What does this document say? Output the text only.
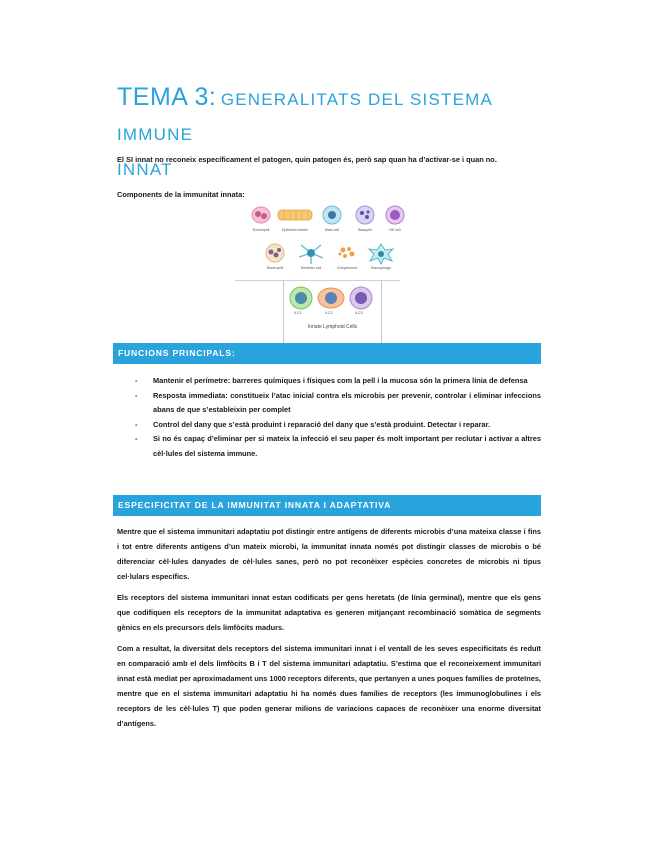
TEMA 3: GENERALITATS DEL SISTEMA IMMUNE
INNAT
El SI innat no reconeix específicament el patogen, quin patogen és, però sap quan ha d’activar-se i quan no.
Components de la immunitat innata:
Eosinophil	Epithelial barrier	Mast cell	Basophil	NK cell
Neutrophil	Dendritic cell	Complement	Macrophage
ILC1	ILC2	ILC3
Innate Lymphoid Cells
FUNCIONS PRINCIPALS:
- Mantenir el perímetre: barreres químiques i físiques com la pell i la mucosa són la primera línia de defensa
- Resposta immediata: constitueix l’atac inicial contra els microbis per prevenir, controlar i eliminar infeccions abans de que s’estableixin per complet
- Control del dany que s’està produint i reparació del dany que s’està produint. Detectar i reparar.
- Si no és capaç d’eliminar per si mateix la infecció el seu paper és molt important per reclutar i activar a altres cèl·lules del sistema immune.
ESPECIFICITAT DE LA IMMUNITAT INNATA I ADAPTATIVA
Mentre que el sistema immunitari adaptatiu pot distingir entre antígens de diferents microbis d’una mateixa classe i fins i tot entre diferents antígens d’un mateix microbi, la immunitat innata només pot distingir classes de microbis o bé diferenciar cèl·lules danyades de cèl·lules sanes, però no pot reconèixer espècies concretes de microbis ni tipus cel·lulars específics.
Els receptors del sistema immunitari innat estan codificats per gens heretats (de línia germinal), mentre que els gens que codifiquen els receptors de la immunitat adaptativa es generen mitjançant recombinació somàtica de segments gènics en els precursors dels limfòcits madurs.
Com a resultat, la diversitat dels receptors del sistema immunitari innat i el ventall de les seves especificitats és reduït en comparació amb el dels limfòcits B i T del sistema immunitari adaptatiu. S’estima que el reconeixement immunitari innat està mediat per aproximadament uns 1000 receptors diferents, que pertanyen a unes poques famílies de proteïnes, mentre que en el sistema immunitari adaptatiu hi ha només dues famílies de receptors (les immunoglobulines i els receptors de les cèl·lules T) que poden generar milions de variacions capaces de reconèixer una enorme diversitat d’antígens.
